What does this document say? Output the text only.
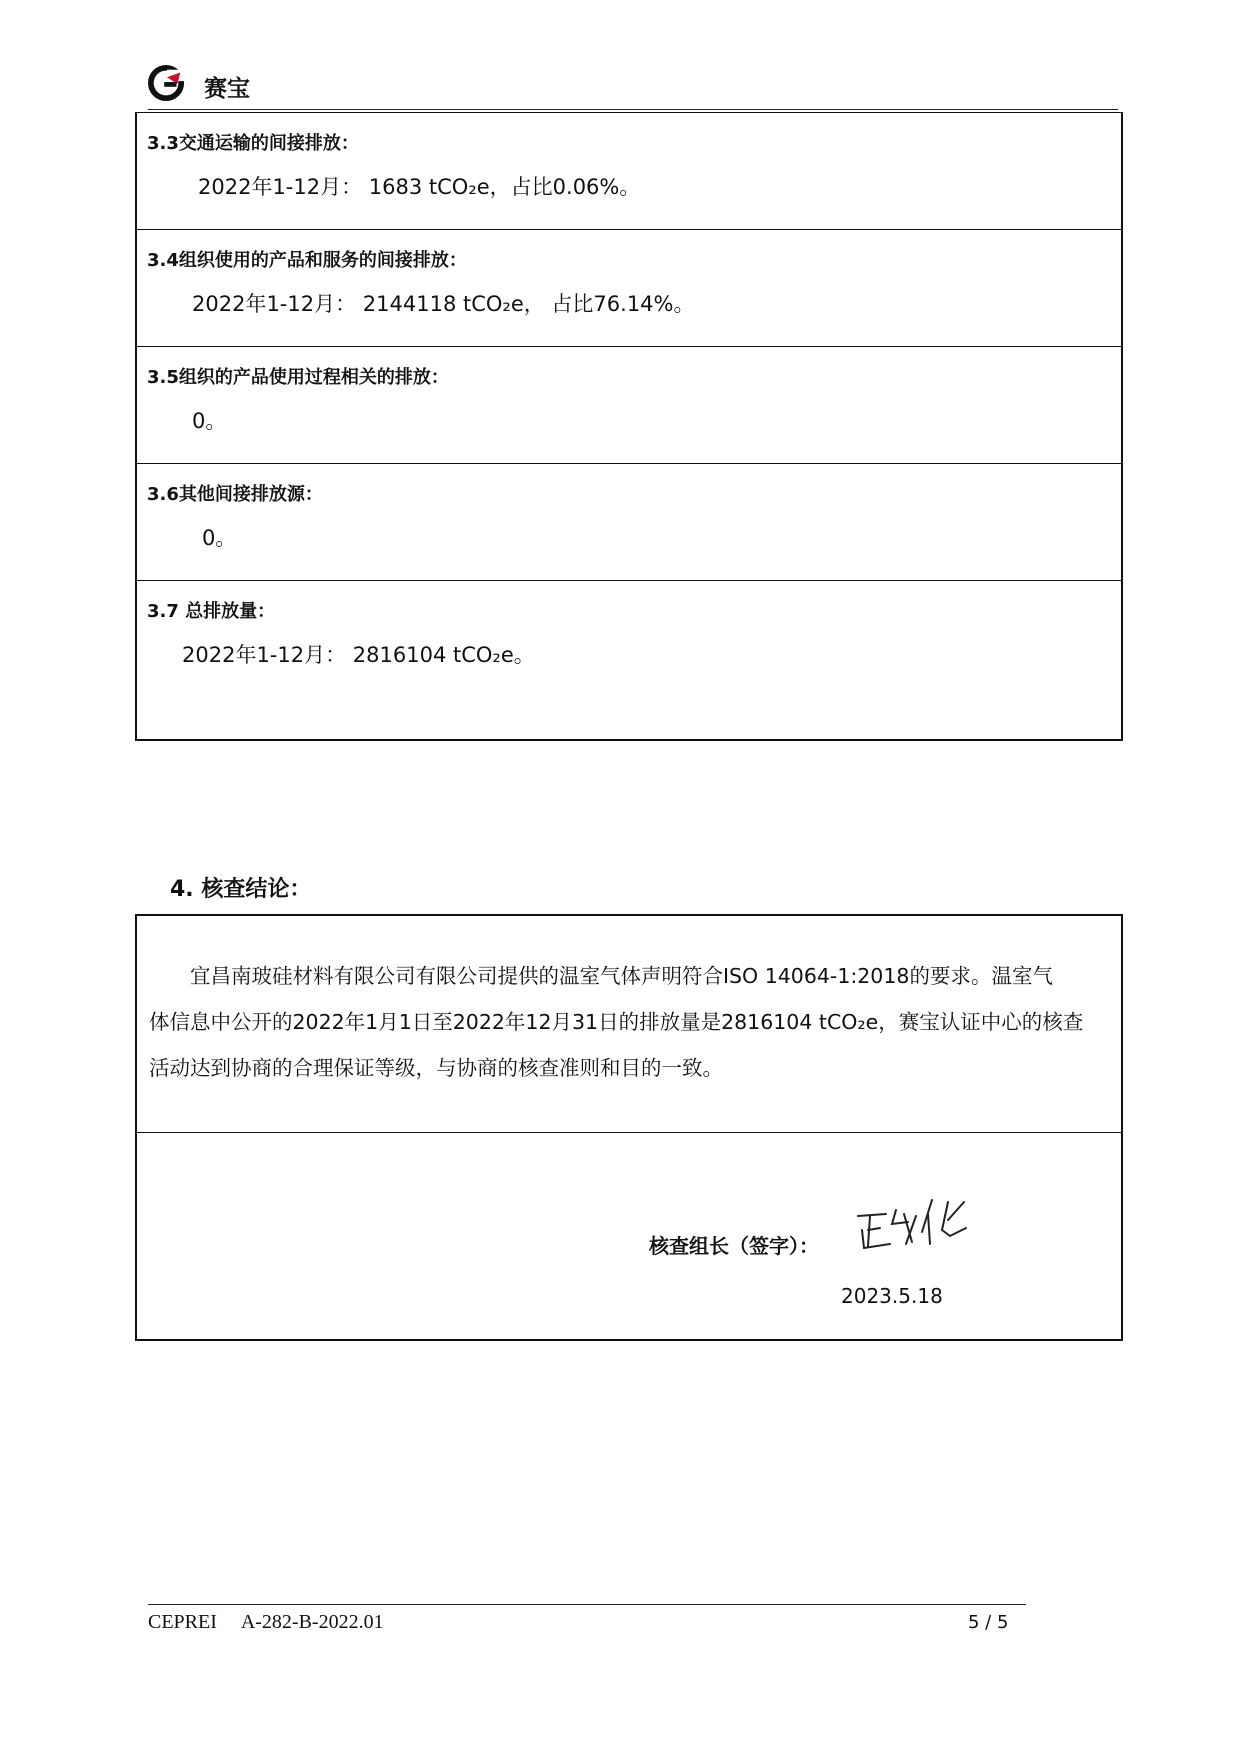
赛宝
3.3交通运输的间接排放：
2022年1-12月： 1683 tCO₂e，占比0.06%。
3.4组织使用的产品和服务的间接排放：
2022年1-12月： 2144118 tCO₂e， 占比76.14%。
3.5组织的产品使用过程相关的排放：
0。
3.6其他间接排放源：
0。
3.7 总排放量：
2022年1-12月： 2816104 tCO₂e。
4. 核查结论：
宜昌南玻硅材料有限公司有限公司提供的温室气体声明符合ISO 14064-1:2018的要求。温室气
体信息中公开的2022年1月1日至2022年12月31日的排放量是2816104 tCO₂e，赛宝认证中心的核查
活动达到协商的合理保证等级，与协商的核查准则和目的一致。
核查组长（签字）：
2023.5.18
CEPREI A-282-B-2022.01	5 / 5
